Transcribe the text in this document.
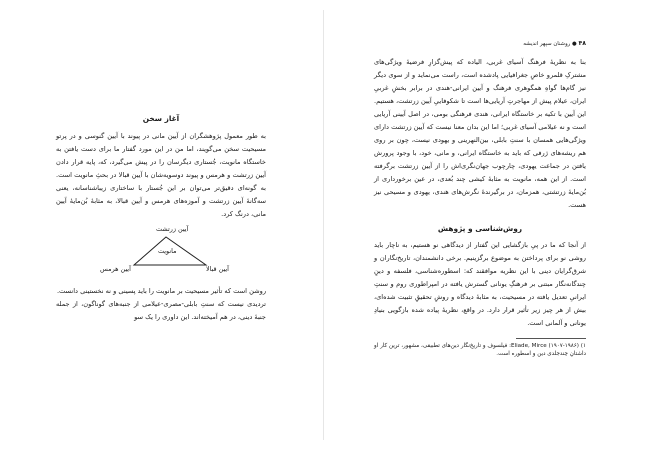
آغاز سخن

به طور معمول پژوهشگران از آیین مانی در پیوند با آیین گنوسی و در پرتو مسیحیت سخن می‌گویند، اما من در این مورد گفتار ما برای دست یافتن به خاستگاه مانویت، جُستاری دیگرسان را در پیش می‌گیرد، که، پایه قرار دادن آیین زرتشت و هرمس و پیوند دوسویه‌شان با آیین قبالا در بحثِ مانویت است. به گونه‌ای دقیق‌تر می‌توان بر این جُستار با ساختاری زیباشناسانه، یعنی سه‌گانهٔ آیین زرتشت و آموزه‌های هرمس و آیین قبالا، به مثابهٔ بُن‌مایهٔ آیین مانی، درنگ کرد.

آیین زرتشت
مانویت
آیین قبالا
آیین هرمس

روشن است که تأثیر مسیحیت بر مانویت را باید پسینی و نه نخستینی دانست.

تردیدی نیست که سنتِ بابلی-مصری-عیلامی از جنبه‌های گوناگون، از جمله جنبهٔ دینی، در هم آمیخته‌اند. این داوری را یک سو

۴۸ ● روشنان سپهر اندیشه

بنا به نظریهٔ فرهنگ آسیای غربی، الیاده که پیش‌گزارِ فرضیهٔ ویژگی‌های مشترکِ قلمرو خاصِ جغرافیایی پادشده است، راست می‌نماید و از سوی دیگر نیز گام‌ها گواهِ همگوهری فرهنگ و آیین ایرانی-هندی در برابر بخشِ غربیِ ایران، عیلام پیش از مهاجرتِ آریایی‌ها است تا شکوفاییِ آیین زرتشت، هستیم. این آیین با تکیه بر خاستگاه ایرانی، هندی فرهنگی بومی، در اصل آیینی آریایی است و نه عیلامی آسیای غربی؛ اما این بدان معنا نیست که آیین زرتشت دارای ویژگی‌هایی همسان با سنتِ بابلی، بین‌النهرینی و یهودی نیست، چون بر روی هم ریشه‌های ژرفی که باید به خاستگاه ایرانی، و مانی، خود، با وجود پرورش یافتن در جماعت یهودی، چارچوب جهان‌نگری‌اش را از آیین زرتشت برگرفته است. از این همه، مانویت به مثابهٔ کیشی چند بُعدی، در عین برخورداری از بُن‌مایهٔ زرتشتی، همزمان، در برگیرندهٔ نگرش‌های هندی، یهودی و مسیحی نیز هست.

روش‌شناسی و پژوهش

از آنجا که ما در پیِ بازگشایی این گفتار از دیدگاهی نو هستیم، به ناچار باید روشی نو برای پرداختن به موضوع برگزینیم. برخی دانشمندان، تاریخ‌نگاران و شرق‌گرایان دینی با این نظریه موافقند که: اسطوره‌شناسی، فلسفه و دینِ چندگانه‌نگار مبتنی بر فرهنگِ یونانی گسترش یافته در امپراطوری روم و سنتِ ایرانیِ تعدیل یافته در مسیحیت، به مثابهٔ دیدگاه و روشِ تحقیقِ تثبیت شده‌ای، بیش از هر چیز زیر تأثیر قرار دارد. در واقع، نظریهٔ پیاده شده بازگویی بنیادِ یونانی و آلمانی است.

۱) Eliade, Mirce (۱۹۰۷-۱۹۸۶): فیلسوف و تاریخ‌نگار دین‌های تطبیقی، مشهور، ترین کار او داشتانِ چندجلدی دین و اسطوره است.
